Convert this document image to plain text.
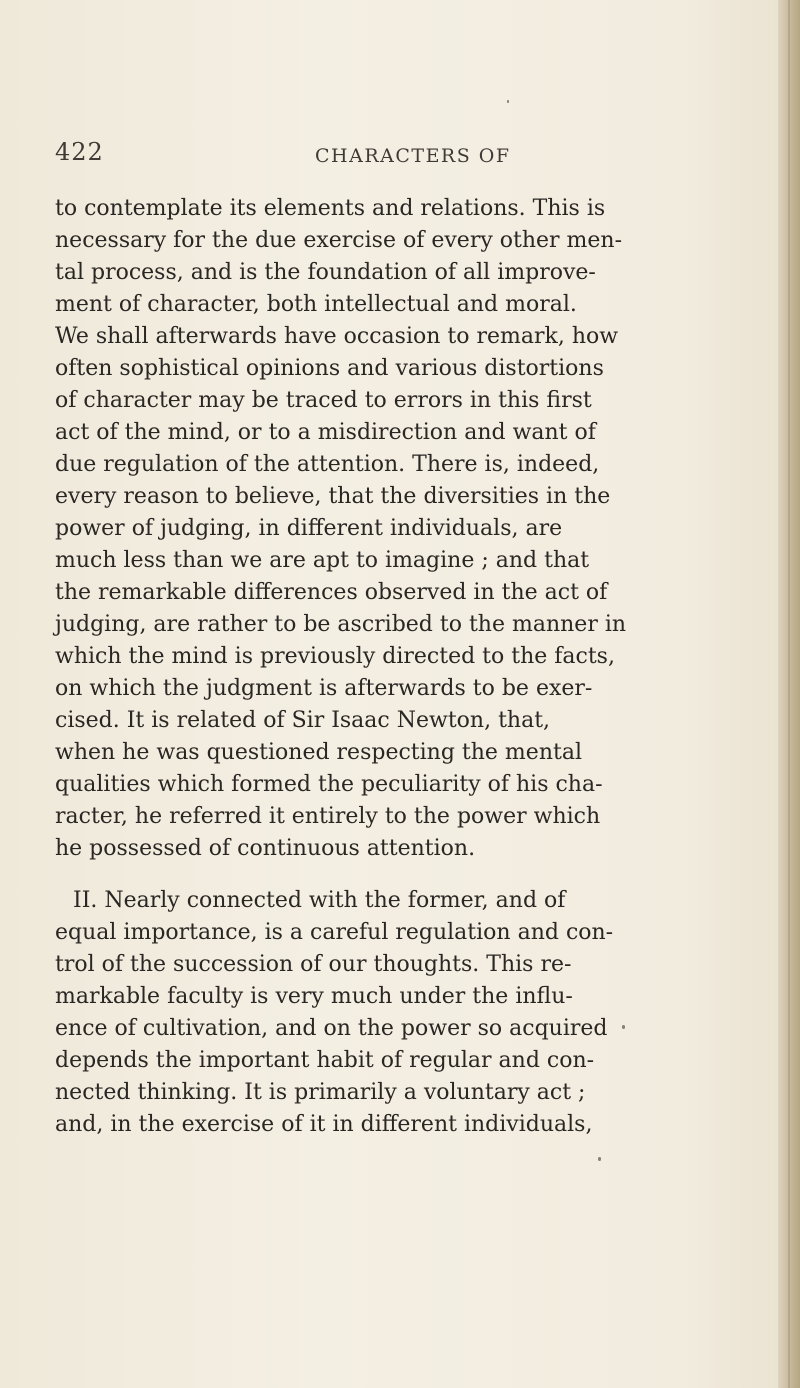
422	CHARACTERS OF
to contemplate its elements and relations. This is
necessary for the due exercise of every other men-
tal process, and is the foundation of all improve-
ment of character, both intellectual and moral.
We shall afterwards have occasion to remark, how
often sophistical opinions and various distortions
of character may be traced to errors in this first
act of the mind, or to a misdirection and want of
due regulation of the attention. There is, indeed,
every reason to believe, that the diversities in the
power of judging, in different individuals, are
much less than we are apt to imagine ; and that
the remarkable differences observed in the act of
judging, are rather to be ascribed to the manner in
which the mind is previously directed to the facts,
on which the judgment is afterwards to be exer-
cised. It is related of Sir Isaac Newton, that,
when he was questioned respecting the mental
qualities which formed the peculiarity of his cha-
racter, he referred it entirely to the power which
he possessed of continuous attention.
II. Nearly connected with the former, and of
equal importance, is a careful regulation and con-
trol of the succession of our thoughts. This re-
markable faculty is very much under the influ-
ence of cultivation, and on the power so acquired
depends the important habit of regular and con-
nected thinking. It is primarily a voluntary act ;
and, in the exercise of it in different individuals,
